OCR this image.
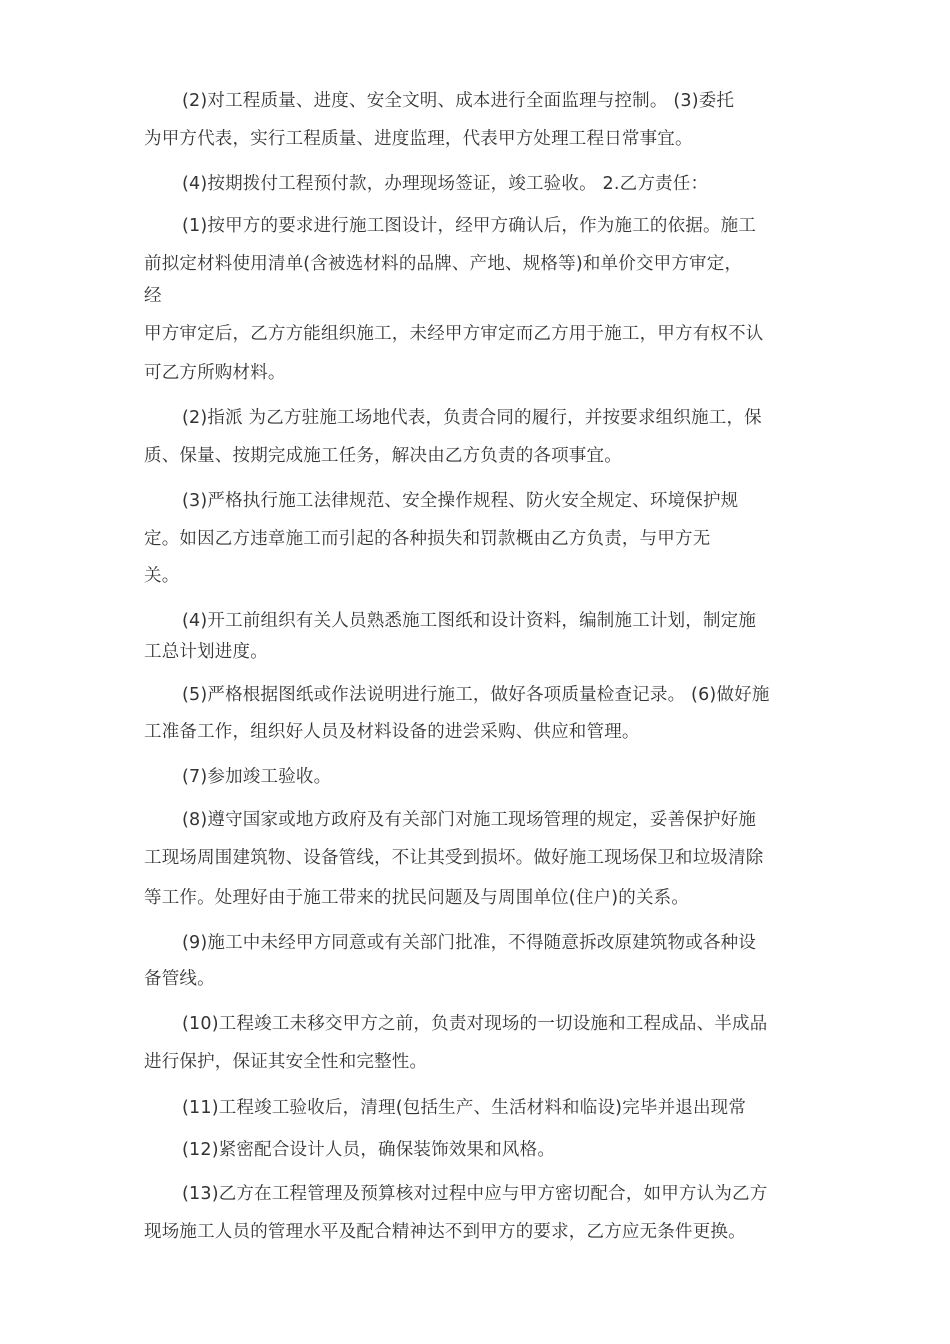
(2)对工程质量、进度、安全文明、成本进行全面监理与控制。 (3)委托
为甲方代表，实行工程质量、进度监理，代表甲方处理工程日常事宜。
(4)按期拨付工程预付款，办理现场签证，竣工验收。 2.乙方责任：
(1)按甲方的要求进行施工图设计，经甲方确认后，作为施工的依据。施工
前拟定材料使用清单(含被选材料的品牌、产地、规格等)和单价交甲方审定，
经
甲方审定后，乙方方能组织施工，未经甲方审定而乙方用于施工，甲方有权不认
可乙方所购材料。
(2)指派 为乙方驻施工场地代表，负责合同的履行，并按要求组织施工，保
质、保量、按期完成施工任务，解决由乙方负责的各项事宜。
(3)严格执行施工法律规范、安全操作规程、防火安全规定、环境保护规
定。如因乙方违章施工而引起的各种损失和罚款概由乙方负责，与甲方无
关。
(4)开工前组织有关人员熟悉施工图纸和设计资料，编制施工计划，制定施
工总计划进度。
(5)严格根据图纸或作法说明进行施工，做好各项质量检查记录。 (6)做好施
工准备工作，组织好人员及材料设备的进尝采购、供应和管理。
(7)参加竣工验收。
(8)遵守国家或地方政府及有关部门对施工现场管理的规定，妥善保护好施
工现场周围建筑物、设备管线，不让其受到损坏。做好施工现场保卫和垃圾清除
等工作。处理好由于施工带来的扰民问题及与周围单位(住户)的关系。
(9)施工中未经甲方同意或有关部门批准，不得随意拆改原建筑物或各种设
备管线。
(10)工程竣工未移交甲方之前，负责对现场的一切设施和工程成品、半成品
进行保护，保证其安全性和完整性。
(11)工程竣工验收后，清理(包括生产、生活材料和临设)完毕并退出现常
(12)紧密配合设计人员，确保装饰效果和风格。
(13)乙方在工程管理及预算核对过程中应与甲方密切配合，如甲方认为乙方
现场施工人员的管理水平及配合精神达不到甲方的要求，乙方应无条件更换。
